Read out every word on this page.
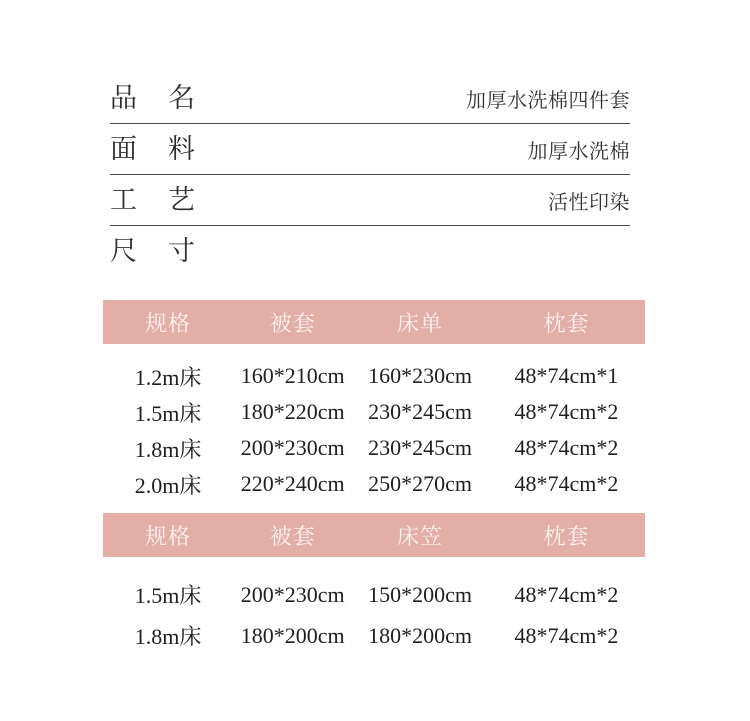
品 名	加厚水洗棉四件套
面 料	加厚水洗棉
工 艺	活性印染
尺 寸
规格	被套	床单	枕套
1.2m床	160*210cm	160*230cm	48*74cm*1
1.5m床	180*220cm	230*245cm	48*74cm*2
1.8m床	200*230cm	230*245cm	48*74cm*2
2.0m床	220*240cm	250*270cm	48*74cm*2
规格	被套	床笠	枕套
1.5m床	200*230cm	150*200cm	48*74cm*2
1.8m床	180*200cm	180*200cm	48*74cm*2
